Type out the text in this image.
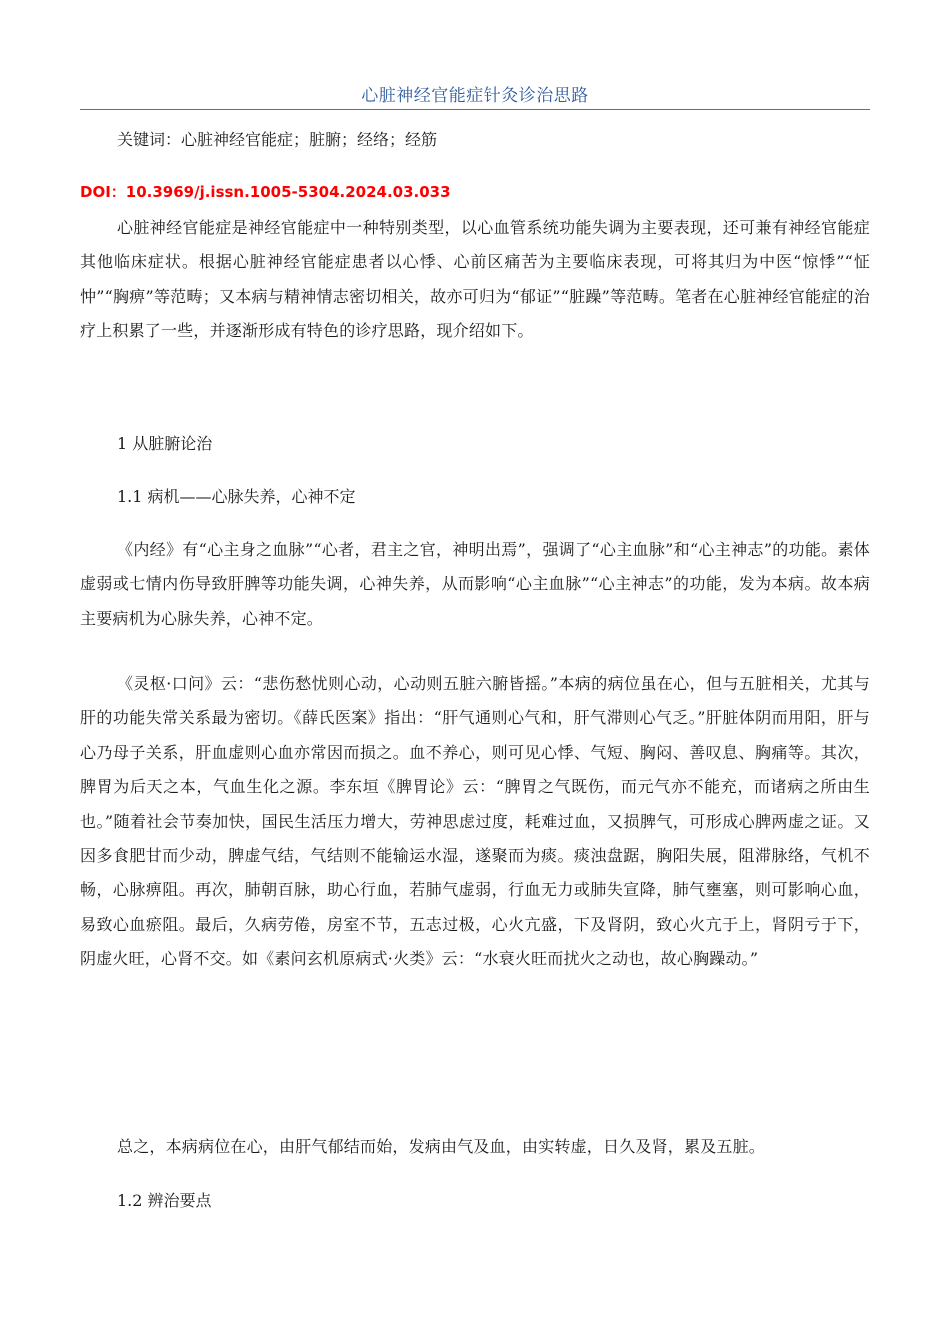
心脏神经官能症针灸诊治思路
关键词：心脏神经官能症；脏腑；经络；经筋
DOI：10.3969/j.issn.1005-5304.2024.03.033

心脏神经官能症是神经官能症中一种特别类型，以心血管系统功能失调为主要表现，还可兼有神经官能症其他临床症状。根据心脏神经官能症患者以心悸、心前区痛苦为主要临床表现，可将其归为中医“惊悸”“怔忡”“胸痹”等范畴；又本病与精神情志密切相关，故亦可归为“郁证”“脏躁”等范畴。笔者在心脏神经官能症的治疗上积累了一些，并逐渐形成有特色的诊疗思路，现介绍如下。

1 从脏腑论治

1.1 病机——心脉失养，心神不定

《内经》有“心主身之血脉”“心者，君主之官，神明出焉”，强调了“心主血脉”和“心主神志”的功能。素体虚弱或七情内伤导致肝脾等功能失调，心神失养，从而影响“心主血脉”“心主神志”的功能，发为本病。故本病主要病机为心脉失养，心神不定。

《灵枢·口问》云：“悲伤愁忧则心动，心动则五脏六腑皆摇。”本病的病位虽在心，但与五脏相关，尤其与肝的功能失常关系最为密切。《薛氏医案》指出：“肝气通则心气和，肝气滞则心气乏。”肝脏体阴而用阳，肝与心乃母子关系，肝血虚则心血亦常因而损之。血不养心，则可见心悸、气短、胸闷、善叹息、胸痛等。其次，脾胃为后天之本，气血生化之源。李东垣《脾胃论》云：“脾胃之气既伤，而元气亦不能充，而诸病之所由生也。”随着社会节奏加快，国民生活压力增大，劳神思虑过度，耗难过血，又损脾气，可形成心脾两虚之证。又因多食肥甘而少动，脾虚气结，气结则不能输运水湿，遂聚而为痰。痰浊盘踞，胸阳失展，阻滞脉络，气机不畅，心脉痹阻。再次，肺朝百脉，助心行血，若肺气虚弱，行血无力或肺失宣降，肺气壅塞，则可影响心血，易致心血瘀阻。最后，久病劳倦，房室不节，五志过极，心火亢盛，下及肾阴，致心火亢于上，肾阴亏于下，阴虚火旺，心肾不交。如《素问玄机原病式·火类》云：“水衰火旺而扰火之动也，故心胸躁动。”

总之，本病病位在心，由肝气郁结而始，发病由气及血，由实转虚，日久及肾，累及五脏。

1.2 辨治要点
